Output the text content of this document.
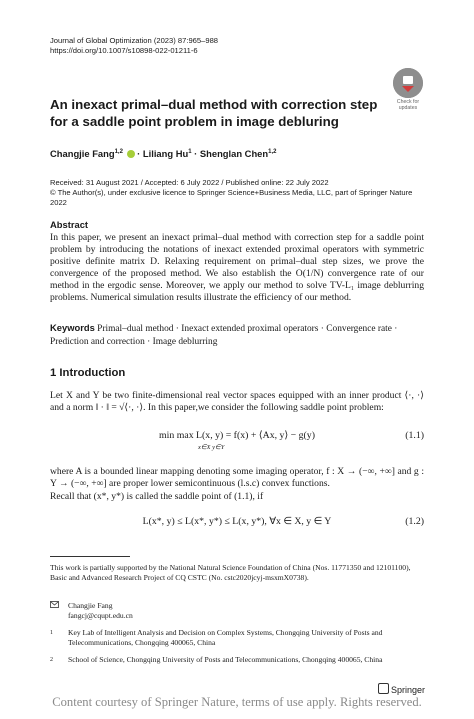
Journal of Global Optimization (2023) 87:965–988
https://doi.org/10.1007/s10898-022-01211-6
Check for
updates
An inexact primal–dual method with correction step for a saddle point problem in image debluring
Changjie Fang$^{1,2}$  · Liliang $Hu^1$ · Shenglan Chen$^{1,2}$
Received: 31 August 2021 / Accepted: 6 July 2022 / Published online: 22 July 2022
© The Author(s), under exclusive licence to Springer Science+Business Media, LLC, part of Springer Nature 2022
Abstract
In this paper, we present an inexact primal–dual method with correction step for a saddle point problem by introducing the notations of inexact extended proximal operators with symmetric positive definite matrix D. Relaxing requirement on primal–dual step sizes, we prove the convergence of the proposed method. We also establish the O(1/N) convergence rate of our method in the ergodic sense. Moreover, we apply our method to solve TV-L₁ image deblurring problems. Numerical simulation results illustrate the efficiency of our method.
Keywords Primal–dual method · Inexact extended proximal operators · Convergence rate · Prediction and correction · Image deblurring
1 Introduction
Let X and Y be two finite-dimensional real vector spaces equipped with an inner product ⟨·, ·⟩ and a norm ‖ · ‖ = √⟨·, ·⟩. In this paper,we consider the following saddle point problem:
min max L(x, y) = f(x) + ⟨Ax, y⟩ − g(y)
x∈X y∈Y
(1.1)
where A is a bounded linear mapping denoting some imaging operator, f : X → (−∞, +∞] and g : Y → (−∞, +∞] are proper lower semicontinuous (l.s.c) convex functions.
Recall that (x*, y*) is called the saddle point of (1.1), if
L(x*, y) ≤ L(x*, y*) ≤ L(x, y*), ∀x ∈ X, y ∈ Y	(1.2)
This work is partially supported by the National Natural Science Foundation of China (Nos. 11771350 and 12101100), Basic and Advanced Research Project of CQ CSTC (No. cstc2020jcyj-msxmX0738).
Changjie Fang
fangcj@cqupt.edu.cn
1	Key Lab of Intelligent Analysis and Decision on Complex Systems, Chongqing University of Posts and Telecommunications, Chongqing 400065, China
2	School of Science, Chongqing University of Posts and Telecommunications, Chongqing 400065, China
Springer
Content courtesy of Springer Nature, terms of use apply. Rights reserved.
